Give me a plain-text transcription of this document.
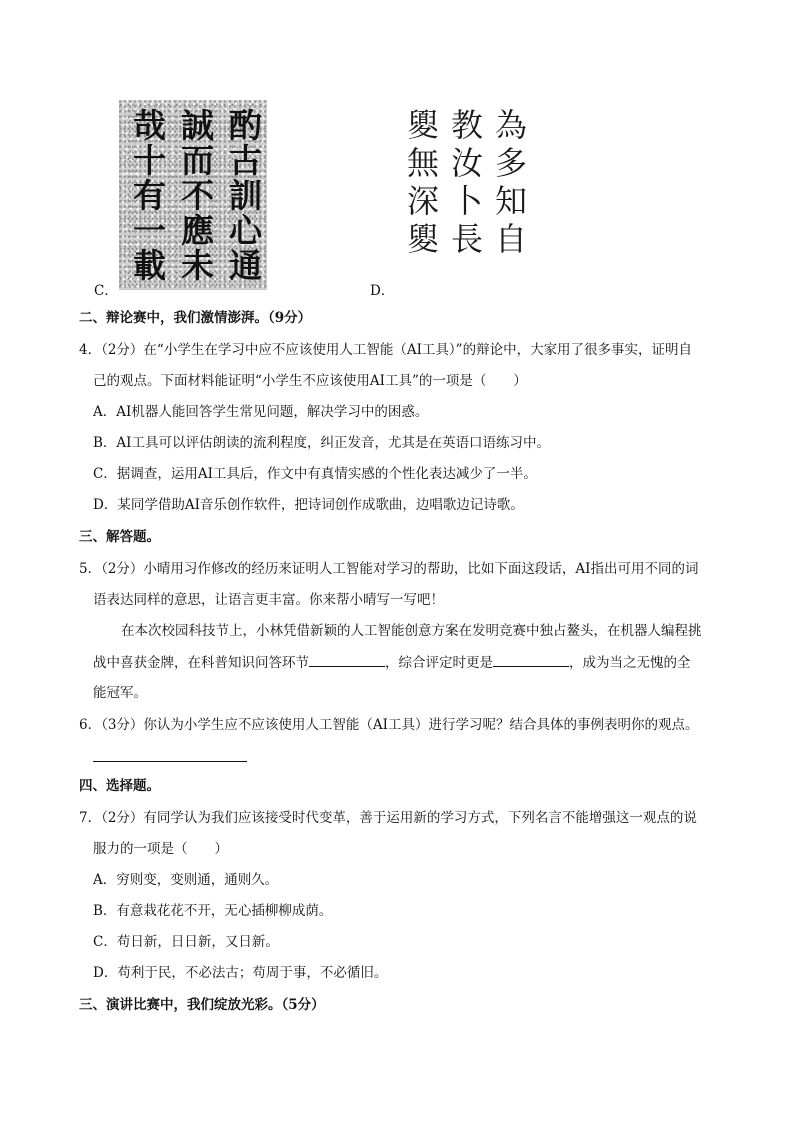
酌古訓心通
誠而不應未
哉十有一載
C．
為多知自
教汝卜長
夓無深夓
D．
二、辩论赛中，我们激情澎湃。（9分）
4．（2分）在“小学生在学习中应不应该使用人工智能（AI工具）”的辩论中，大家用了很多事实，证明自
己的观点。下面材料能证明“小学生不应该使用AI工具”的一项是（　　）
A．AI机器人能回答学生常见问题，解决学习中的困惑。
B．AI工具可以评估朗读的流利程度，纠正发音，尤其是在英语口语练习中。
C．据调查，运用AI工具后，作文中有真情实感的个性化表达减少了一半。
D．某同学借助AI音乐创作软件，把诗词创作成歌曲，边唱歌边记诗歌。
三、解答题。
5．（2分）小晴用习作修改的经历来证明人工智能对学习的帮助，比如下面这段话，AI指出可用不同的词
语表达同样的意思，让语言更丰富。你来帮小晴写一写吧！
在本次校园科技节上，小林凭借新颖的人工智能创意方案在发明竞赛中独占鳌头，在机器人编程挑
战中喜获金牌，在科普知识问答环节	，综合评定时更是	，成为当之无愧的全
能冠军。
6．（3分）你认为小学生应不应该使用人工智能（AI工具）进行学习呢？结合具体的事例表明你的观点。
四、选择题。
7．（2分）有同学认为我们应该接受时代变革，善于运用新的学习方式，下列名言不能增强这一观点的说
服力的一项是（　　）
A．穷则变，变则通，通则久。
B．有意栽花花不开，无心插柳柳成荫。
C．苟日新，日日新，又日新。
D．苟利于民，不必法古；苟周于事，不必循旧。
三、演讲比赛中，我们绽放光彩。（5分）
